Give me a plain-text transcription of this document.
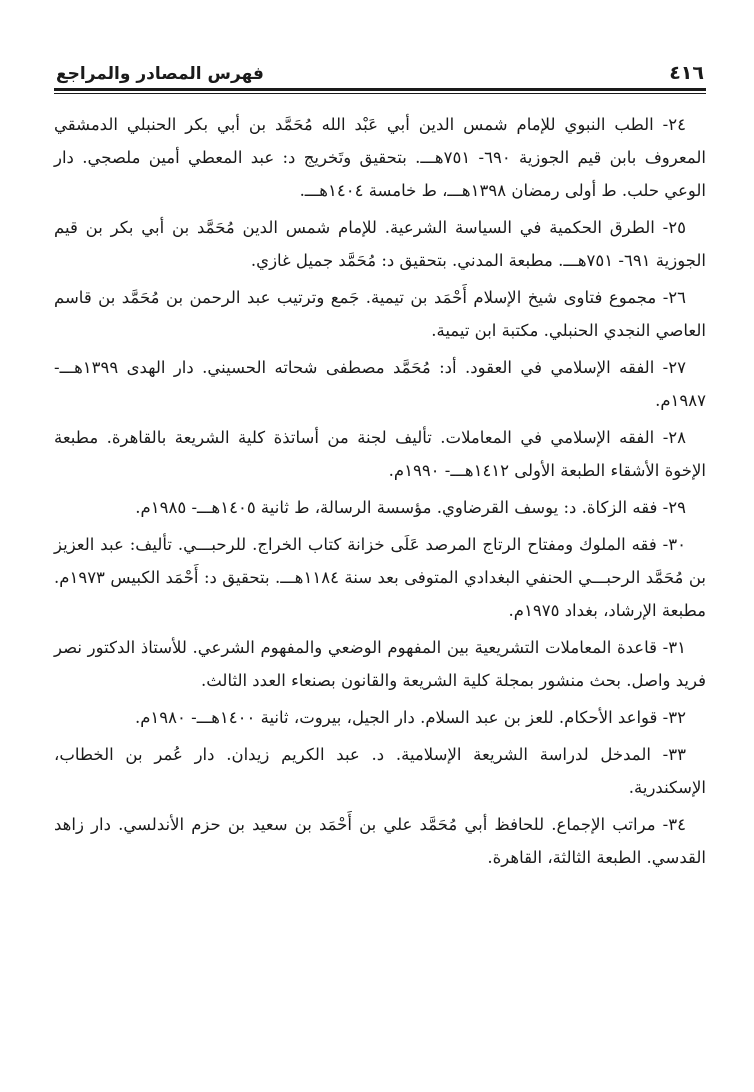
٤١٦
فهرس المصادر والمراجع

٢٤- الطب النبوي للإمام شمس الدين أبي عَبْد الله مُحَمَّد بن أبي بكر الحنبلي الدمشقي المعروف بابن قيم الجوزية ٦٩٠- ٧٥١هـــ. بتحقيق وتَخريج د: عبد المعطي أمين ملصجي. دار الوعي حلب. ط أولى رمضان ١٣٩٨هـــ، ط خامسة ١٤٠٤هـــ.

٢٥- الطرق الحكمية في السياسة الشرعية. للإمام شمس الدين مُحَمَّد بن أبي بكر بن قيم الجوزية ٦٩١- ٧٥١هـــ. مطبعة المدني. بتحقيق د: مُحَمَّد جميل غازي.

٢٦- مجموع فتاوى شيخ الإسلام أَحْمَد بن تيمية. جَمع وترتيب عبد الرحمن بن مُحَمَّد بن قاسم العاصي النجدي الحنبلي. مكتبة ابن تيمية.

٢٧- الفقه الإسلامي في العقود. أد: مُحَمَّد مصطفى شحاته الحسيني. دار الهدى ١٣٩٩هـــ- ١٩٨٧م.

٢٨- الفقه الإسلامي في المعاملات. تأليف لجنة من أساتذة كلية الشريعة بالقاهرة. مطبعة الإخوة الأشقاء الطبعة الأولى ١٤١٢هـــ- ١٩٩٠م.

٢٩- فقه الزكاة. د: يوسف القرضاوي. مؤسسة الرسالة، ط ثانية ١٤٠٥هـــ- ١٩٨٥م.

٣٠- فقه الملوك ومفتاح الرتاج المرصد عَلَى خزانة كتاب الخراج. للرحبـــي. تأليف: عبد العزيز بن مُحَمَّد الرحبـــي الحنفي البغدادي المتوفى بعد سنة ١١٨٤هـــ. بتحقيق د: أَحْمَد الكبيس ١٩٧٣م. مطبعة الإرشاد، بغداد ١٩٧٥م.

٣١- قاعدة المعاملات التشريعية بين المفهوم الوضعي والمفهوم الشرعي. للأستاذ الدكتور نصر فريد واصل. بحث منشور بمجلة كلية الشريعة والقانون بصنعاء العدد الثالث.

٣٢- قواعد الأحكام. للعز بن عبد السلام. دار الجيل، بيروت، ثانية ١٤٠٠هـــ- ١٩٨٠م.

٣٣- المدخل لدراسة الشريعة الإسلامية. د. عبد الكريم زيدان. دار عُمر بن الخطاب، الإسكندرية.

٣٤- مراتب الإجماع. للحافظ أبي مُحَمَّد علي بن أَحْمَد بن سعيد بن حزم الأندلسي. دار زاهد القدسي. الطبعة الثالثة، القاهرة.
